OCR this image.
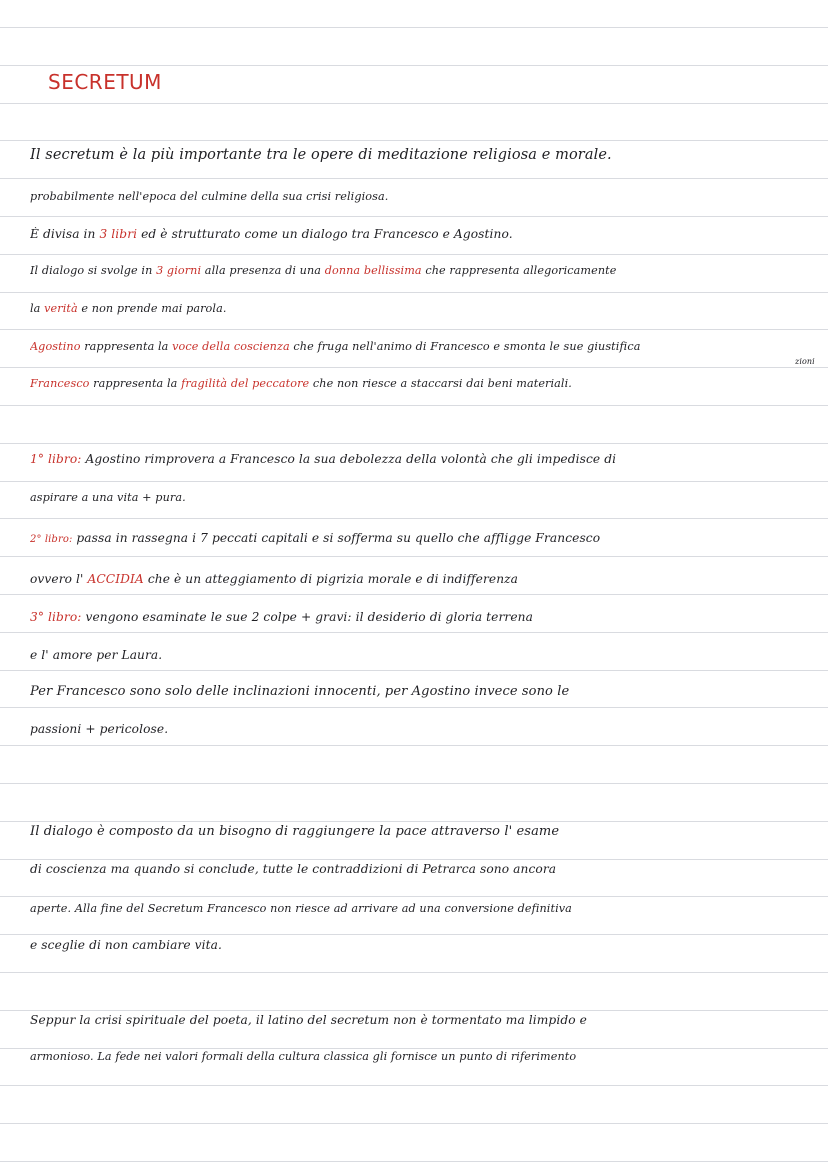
SECRETUM
Il secretum è la più importante tra le opere di meditazione religiosa e morale.
probabilmente nell'epoca del culmine della sua crisi religiosa.
È divisa in 3 libri ed è strutturato come un dialogo tra Francesco e Agostino.
Il dialogo si svolge in 3 giorni alla presenza di una donna bellissima che rappresenta allegoricamente
la verità e non prende mai parola.
Agostino rappresenta la voce della coscienza che fruga nell'animo di Francesco e smonta le sue giustifica
zioni
Francesco rappresenta la fragilità del peccatore che non riesce a staccarsi dai beni materiali.
1° libro: Agostino rimprovera a Francesco la sua debolezza della volontà che gli impedisce di
aspirare a una vita + pura.
2° libro: passa in rassegna i 7 peccati capitali e si sofferma su quello che affligge Francesco
ovvero l' ACCIDIA che è un atteggiamento di pigrizia morale e di indifferenza
3° libro: vengono esaminate le sue 2 colpe + gravi: il desiderio di gloria terrena
e l' amore per Laura.
Per Francesco sono solo delle inclinazioni innocenti, per Agostino invece sono le
passioni + pericolose.
Il dialogo è composto da un bisogno di raggiungere la pace attraverso l' esame
di coscienza ma quando si conclude, tutte le contraddizioni di Petrarca sono ancora
aperte. Alla fine del Secretum Francesco non riesce ad arrivare ad una conversione definitiva
e sceglie di non cambiare vita.
Seppur la crisi spirituale del poeta, il latino del secretum non è tormentato ma limpido e
armonioso. La fede nei valori formali della cultura classica gli fornisce un punto di riferimento
